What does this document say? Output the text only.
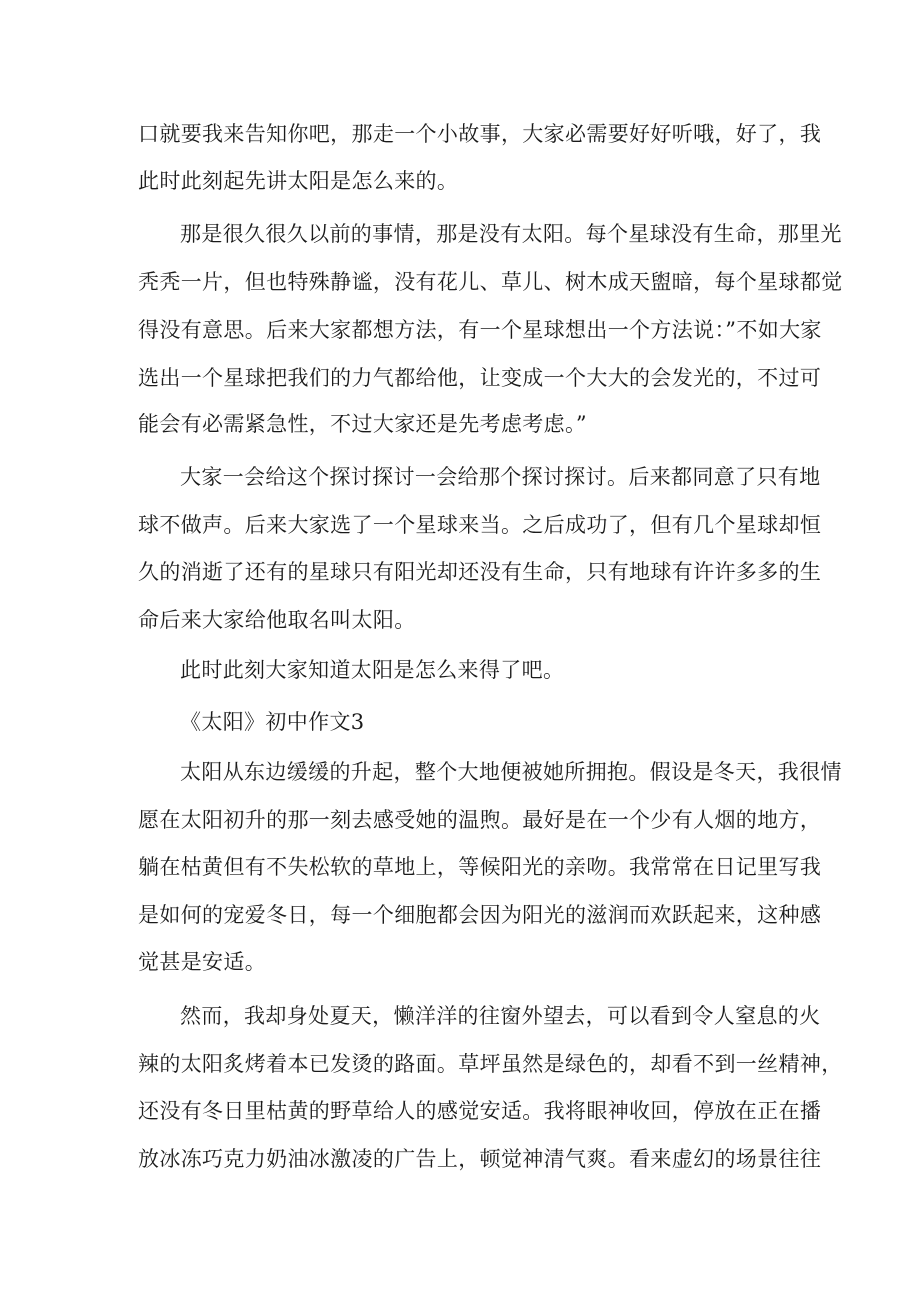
口就要我来告知你吧，那走一个小故事，大家必需要好好听哦，好了，我
此时此刻起先讲太阳是怎么来的。
那是很久很久以前的事情，那是没有太阳。每个星球没有生命，那里光
秃秃一片，但也特殊静谧，没有花儿、草儿、树木成天盥暗，每个星球都觉
得没有意思。后来大家都想方法，有一个星球想出一个方法说：”不如大家
选出一个星球把我们的力气都给他，让变成一个大大的会发光的，不过可
能会有必需紧急性，不过大家还是先考虑考虑。”
大家一会给这个探讨探讨一会给那个探讨探讨。后来都同意了只有地
球不做声。后来大家选了一个星球来当。之后成功了，但有几个星球却恒
久的消逝了还有的星球只有阳光却还没有生命，只有地球有许许多多的生
命后来大家给他取名叫太阳。
此时此刻大家知道太阳是怎么来得了吧。
《太阳》初中作文3
太阳从东边缓缓的升起，整个大地便被她所拥抱。假设是冬天，我很情
愿在太阳初升的那一刻去感受她的温煦。最好是在一个少有人烟的地方，
躺在枯黄但有不失松软的草地上，等候阳光的亲吻。我常常在日记里写我
是如何的宠爱冬日，每一个细胞都会因为阳光的滋润而欢跃起来，这种感
觉甚是安适。
然而，我却身处夏天，懒洋洋的往窗外望去，可以看到令人窒息的火
辣的太阳炙烤着本已发烫的路面。草坪虽然是绿色的，却看不到一丝精神，
还没有冬日里枯黄的野草给人的感觉安适。我将眼神收回，停放在正在播
放冰冻巧克力奶油冰激凌的广告上，顿觉神清气爽。看来虚幻的场景往往
